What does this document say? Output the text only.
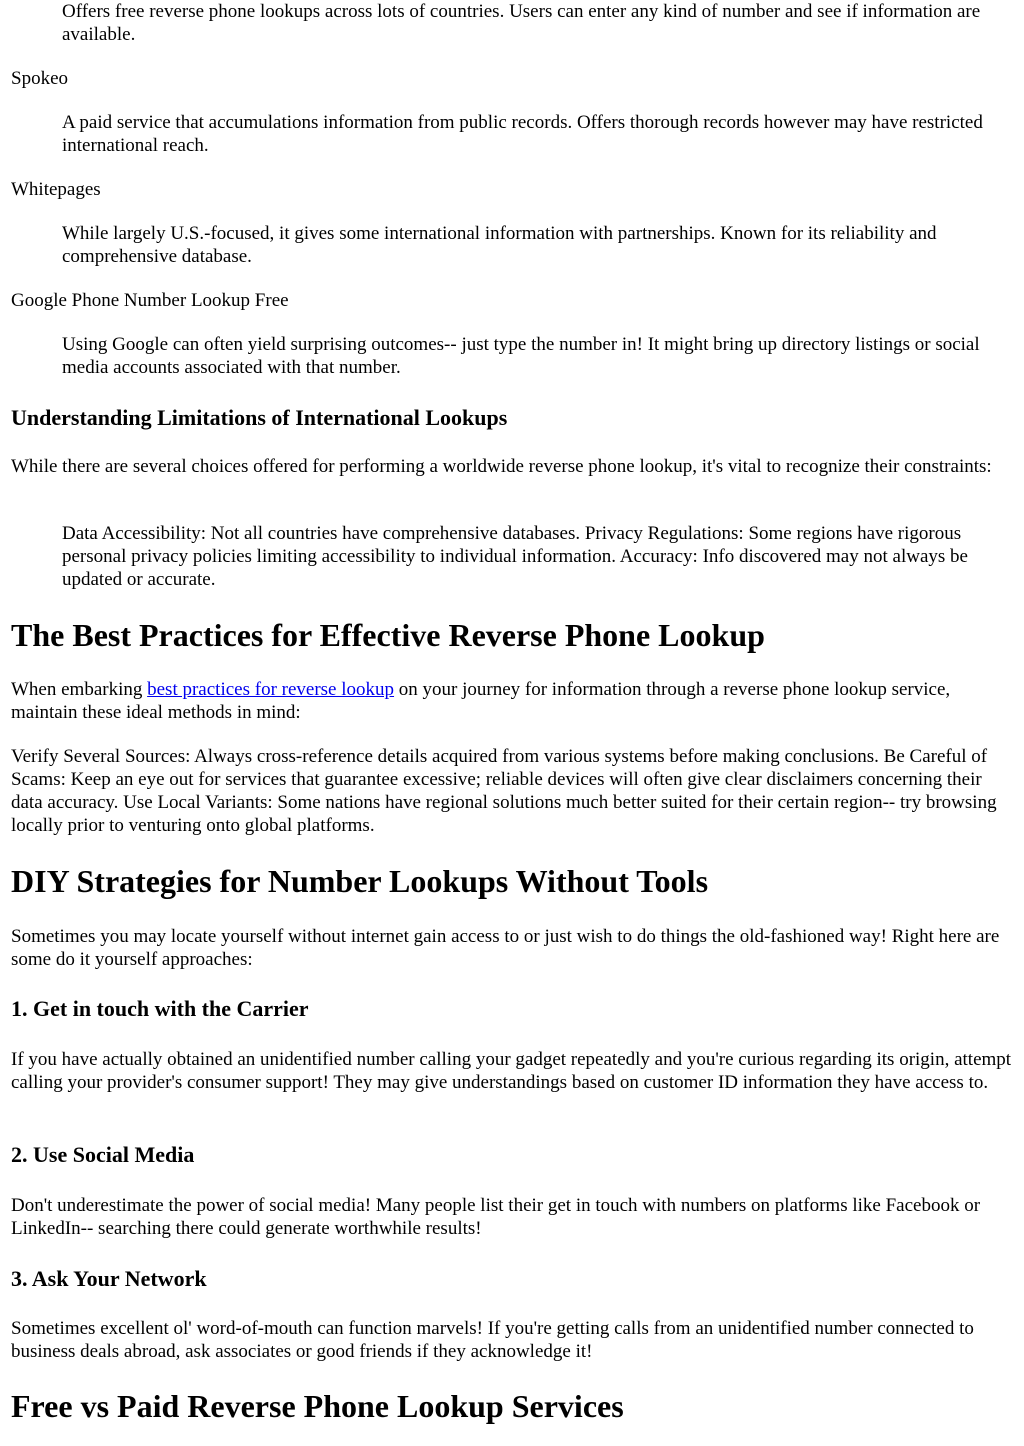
Offers free reverse phone lookups across lots of countries. Users can enter any kind of number and see if information are available.

Spokeo

A paid service that accumulations information from public records. Offers thorough records however may have restricted international reach.

Whitepages

While largely U.S.-focused, it gives some international information with partnerships. Known for its reliability and comprehensive database.

Google Phone Number Lookup Free

Using Google can often yield surprising outcomes-- just type the number in! It might bring up directory listings or social media accounts associated with that number.

Understanding Limitations of International Lookups

While there are several choices offered for performing a worldwide reverse phone lookup, it's vital to recognize their constraints:

Data Accessibility: Not all countries have comprehensive databases. Privacy Regulations: Some regions have rigorous personal privacy policies limiting accessibility to individual information. Accuracy: Info discovered may not always be updated or accurate.

The Best Practices for Effective Reverse Phone Lookup

When embarking best practices for reverse lookup on your journey for information through a reverse phone lookup service, maintain these ideal methods in mind:

Verify Several Sources: Always cross-reference details acquired from various systems before making conclusions. Be Careful of Scams: Keep an eye out for services that guarantee excessive; reliable devices will often give clear disclaimers concerning their data accuracy. Use Local Variants: Some nations have regional solutions much better suited for their certain region-- try browsing locally prior to venturing onto global platforms.

DIY Strategies for Number Lookups Without Tools

Sometimes you may locate yourself without internet gain access to or just wish to do things the old-fashioned way! Right here are some do it yourself approaches:

1. Get in touch with the Carrier

If you have actually obtained an unidentified number calling your gadget repeatedly and you're curious regarding its origin, attempt calling your provider's consumer support! They may give understandings based on customer ID information they have access to.

2. Use Social Media

Don't underestimate the power of social media! Many people list their get in touch with numbers on platforms like Facebook or LinkedIn-- searching there could generate worthwhile results!

3. Ask Your Network

Sometimes excellent ol' word-of-mouth can function marvels! If you're getting calls from an unidentified number connected to business deals abroad, ask associates or good friends if they acknowledge it!

Free vs Paid Reverse Phone Lookup Services
